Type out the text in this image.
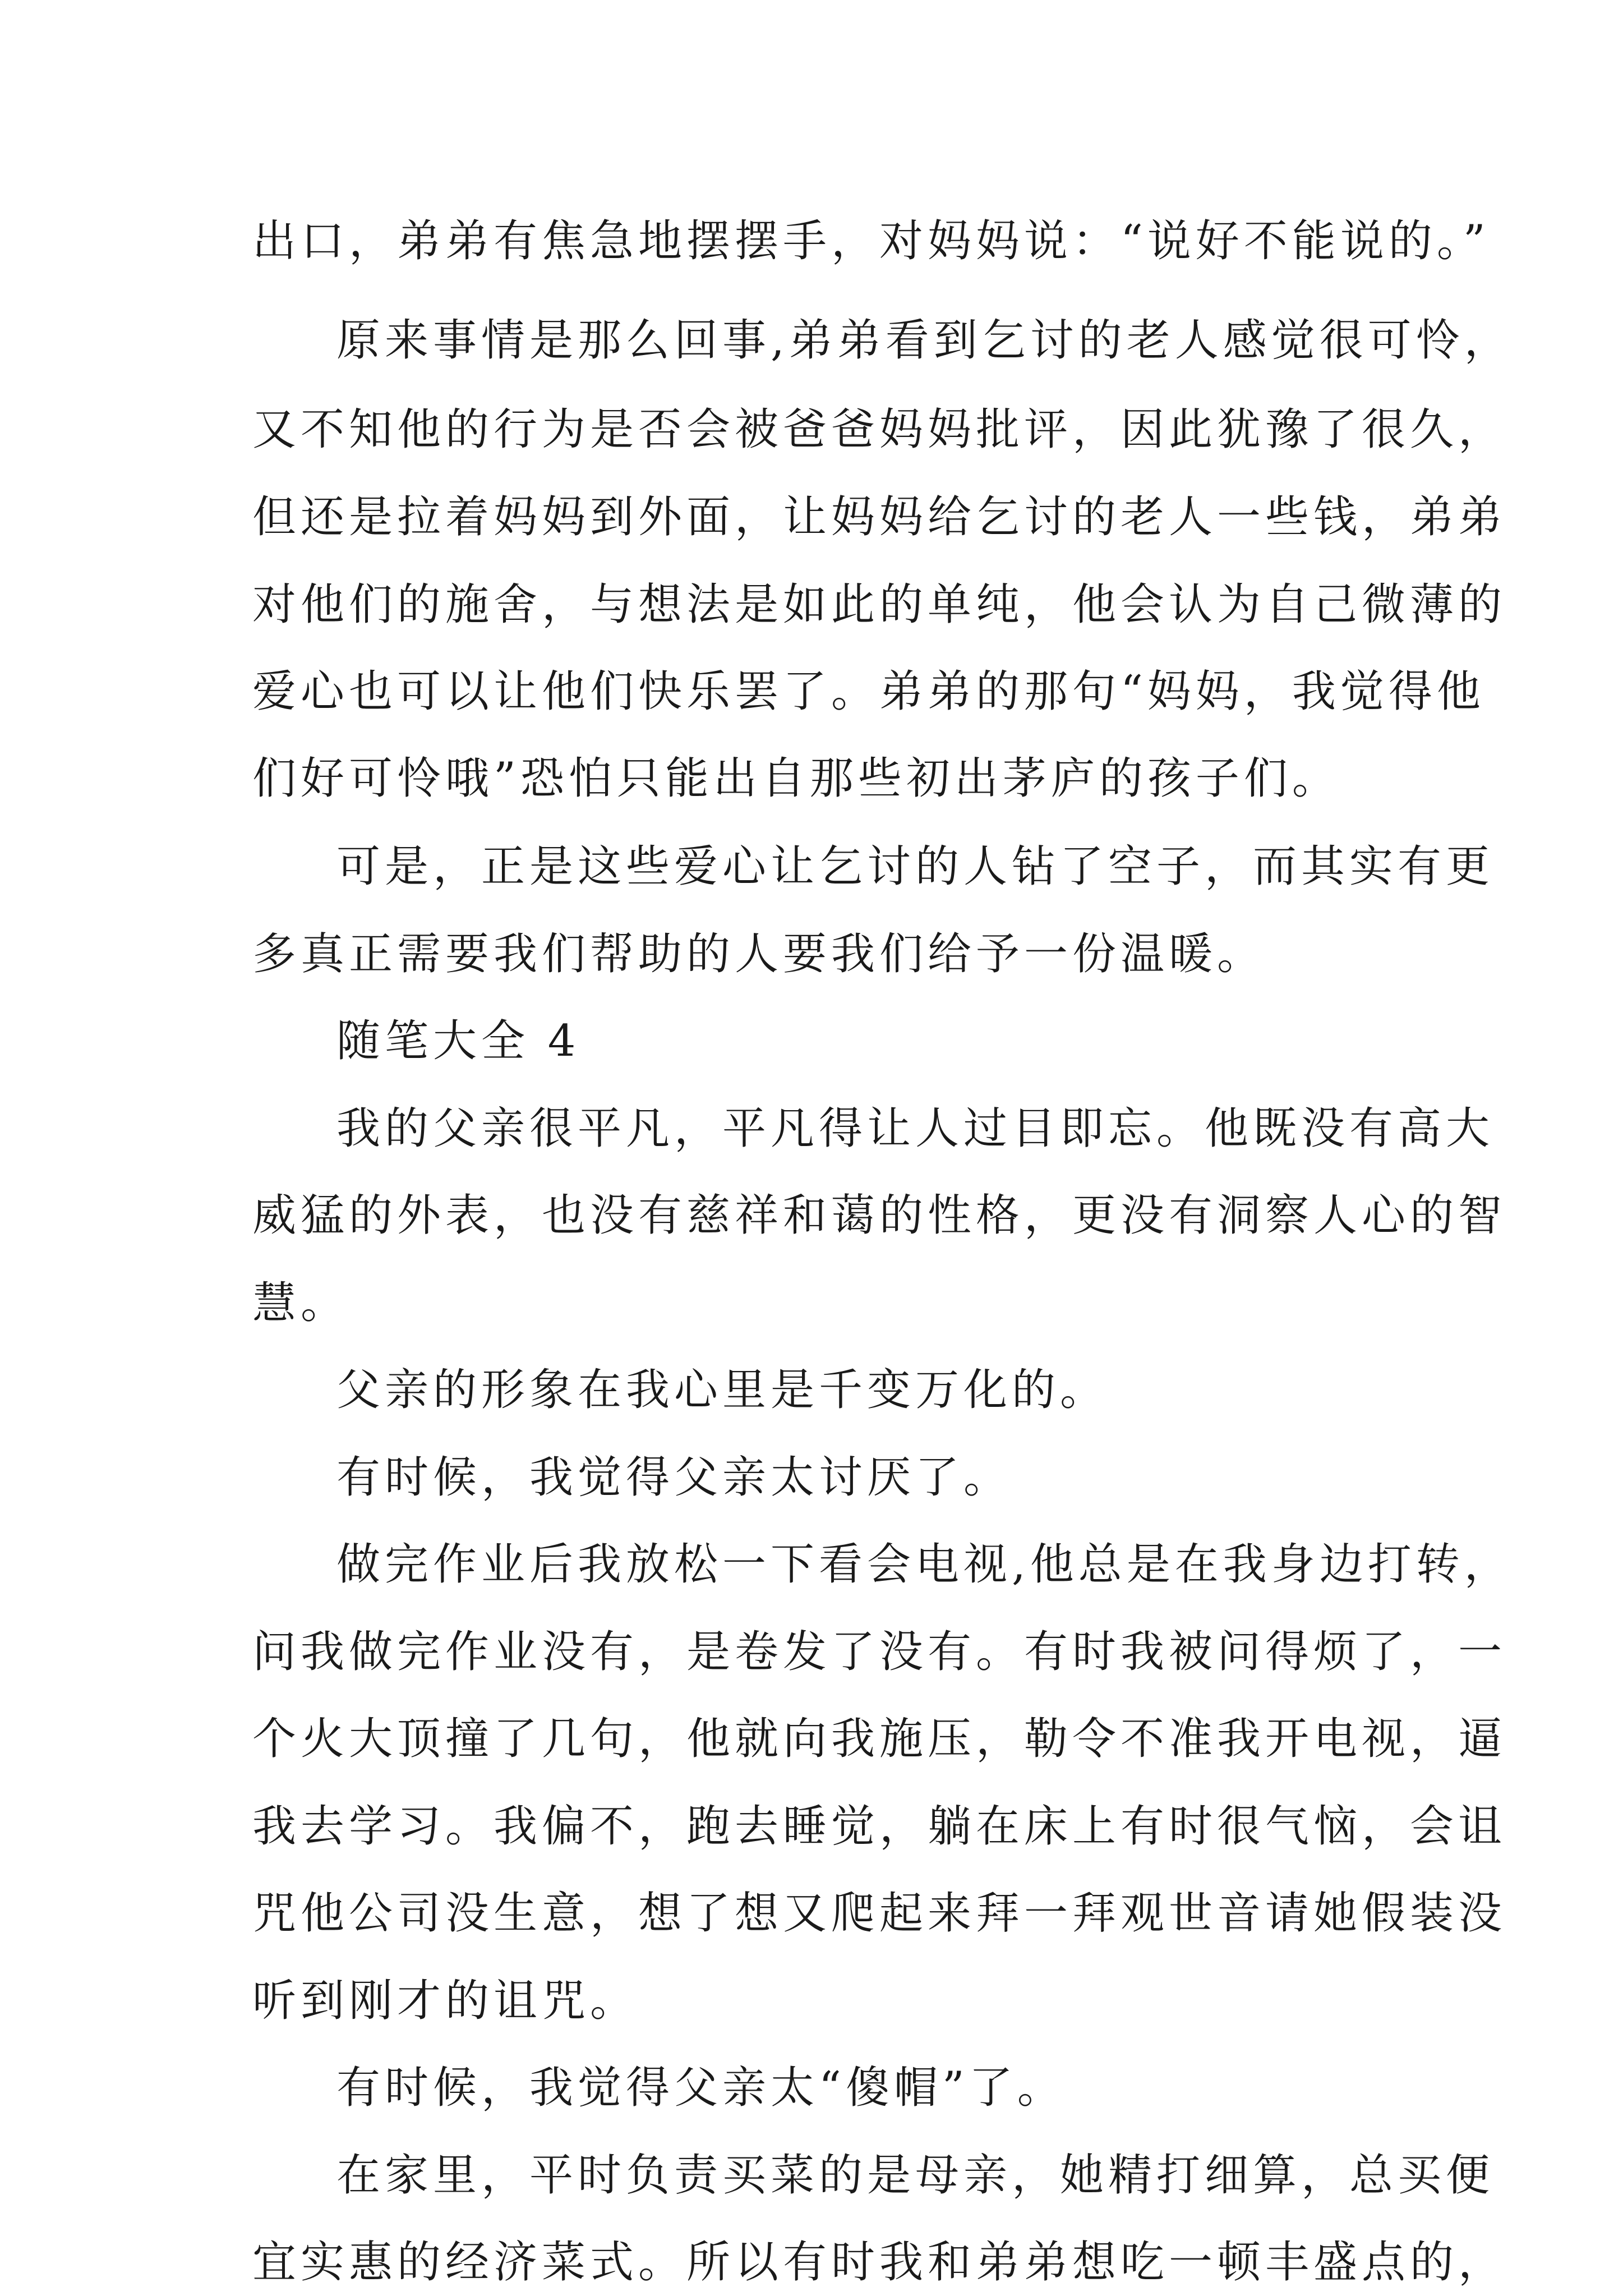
出口，弟弟有焦急地摆摆手，对妈妈说：“说好不能说的。”
原来事情是那么回事,弟弟看到乞讨的老人感觉很可怜，
又不知他的行为是否会被爸爸妈妈批评，因此犹豫了很久，
但还是拉着妈妈到外面，让妈妈给乞讨的老人一些钱，弟弟
对他们的施舍，与想法是如此的单纯，他会认为自己微薄的
爱心也可以让他们快乐罢了。弟弟的那句“妈妈，我觉得他
们好可怜哦”恐怕只能出自那些初出茅庐的孩子们。
可是，正是这些爱心让乞讨的人钻了空子，而其实有更
多真正需要我们帮助的人要我们给予一份温暖。
随笔大全 4
我的父亲很平凡，平凡得让人过目即忘。他既没有高大
威猛的外表，也没有慈祥和蔼的性格，更没有洞察人心的智
慧。
父亲的形象在我心里是千变万化的。
有时候，我觉得父亲太讨厌了。
做完作业后我放松一下看会电视,他总是在我身边打转，
问我做完作业没有，是卷发了没有。有时我被问得烦了，一
个火大顶撞了几句，他就向我施压，勒令不准我开电视，逼
我去学习。我偏不，跑去睡觉，躺在床上有时很气恼，会诅
咒他公司没生意，想了想又爬起来拜一拜观世音请她假装没
听到刚才的诅咒。
有时候，我觉得父亲太“傻帽”了。
在家里，平时负责买菜的是母亲，她精打细算，总买便
宜实惠的经济菜式。所以有时我和弟弟想吃一顿丰盛点的，
